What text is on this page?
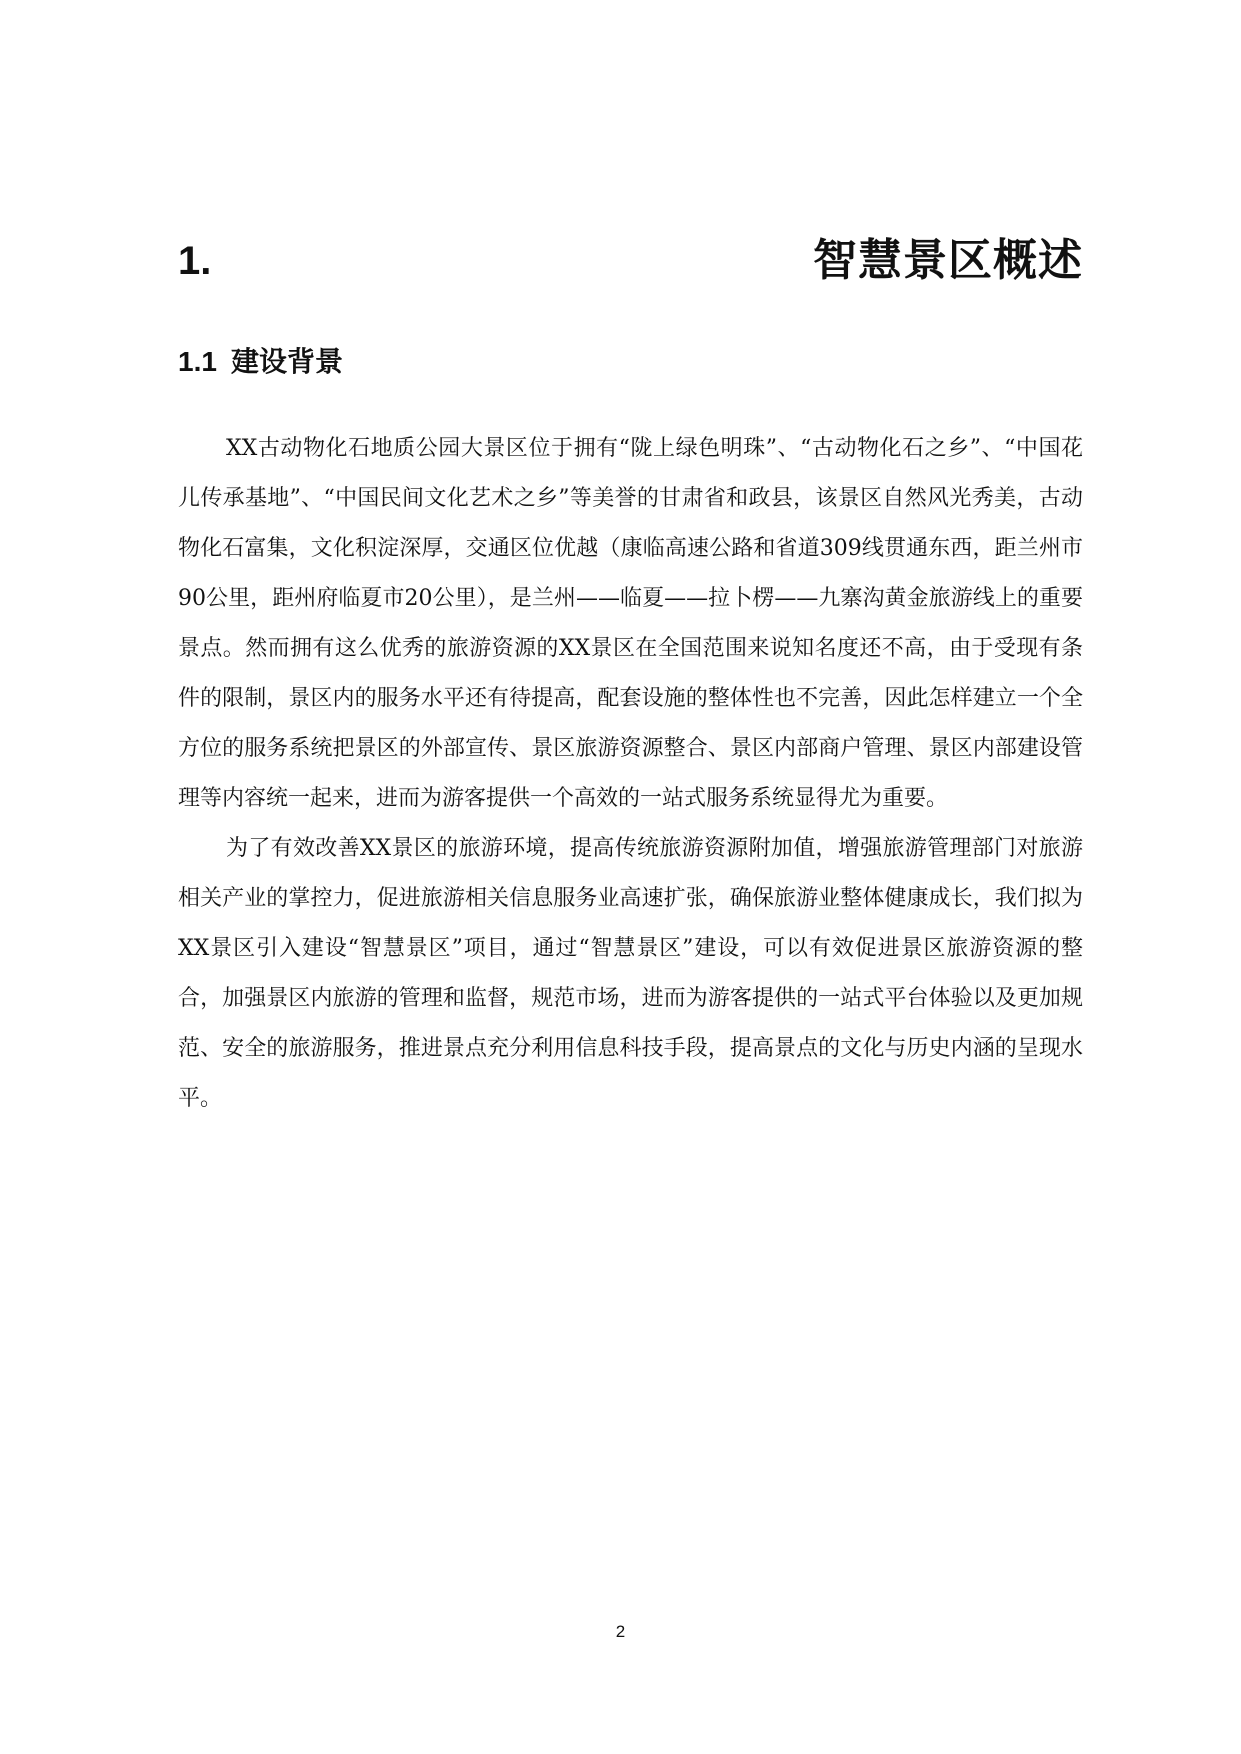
1.	智慧景区概述
1.1 建设背景

XX古动物化石地质公园大景区位于拥有“陇上绿色明珠”、“古动物化石之乡”、“中国花儿传承基地”、“中国民间文化艺术之乡”等美誉的甘肃省和政县，该景区自然风光秀美，古动物化石富集，文化积淀深厚，交通区位优越（康临高速公路和省道309线贯通东西，距兰州市90公里，距州府临夏市20公里），是兰州——临夏——拉卜楞——九寨沟黄金旅游线上的重要景点。然而拥有这么优秀的旅游资源的XX景区在全国范围来说知名度还不高，由于受现有条件的限制，景区内的服务水平还有待提高，配套设施的整体性也不完善，因此怎样建立一个全方位的服务系统把景区的外部宣传、景区旅游资源整合、景区内部商户管理、景区内部建设管理等内容统一起来，进而为游客提供一个高效的一站式服务系统显得尤为重要。

为了有效改善XX景区的旅游环境，提高传统旅游资源附加值，增强旅游管理部门对旅游相关产业的掌控力，促进旅游相关信息服务业高速扩张，确保旅游业整体健康成长，我们拟为XX景区引入建设“智慧景区”项目，通过“智慧景区”建设，可以有效促进景区旅游资源的整合，加强景区内旅游的管理和监督，规范市场，进而为游客提供的一站式平台体验以及更加规范、安全的旅游服务，推进景点充分利用信息科技手段，提高景点的文化与历史内涵的呈现水平。

2
